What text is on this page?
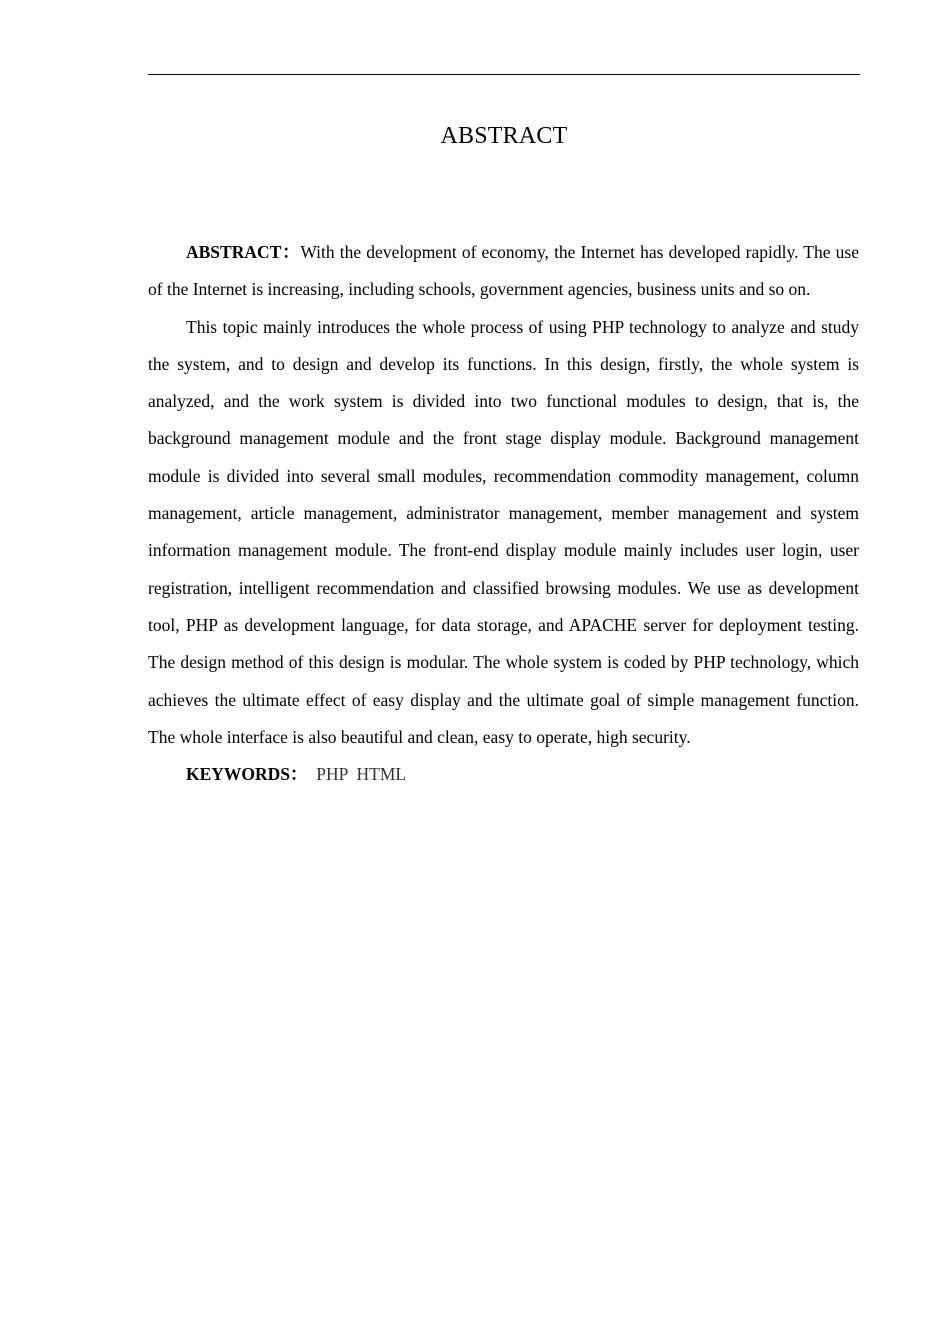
ABSTRACT

ABSTRACT：With the development of economy, the Internet has developed rapidly. The use of the Internet is increasing, including schools, government agencies, business units and so on.

This topic mainly introduces the whole process of using PHP technology to analyze and study the system, and to design and develop its functions. In this design, firstly, the whole system is analyzed, and the work system is divided into two functional modules to design, that is, the background management module and the front stage display module. Background management module is divided into several small modules, recommendation commodity management, column management, article management, administrator management, member management and system information management module. The front-end display module mainly includes user login, user registration, intelligent recommendation and classified browsing modules. We use as development tool, PHP as development language, for data storage, and APACHE server for deployment testing. The design method of this design is modular. The whole system is coded by PHP technology, which achieves the ultimate effect of easy display and the ultimate goal of simple management function. The whole interface is also beautiful and clean, easy to operate, high security.

KEYWORDS： PHP  HTML
